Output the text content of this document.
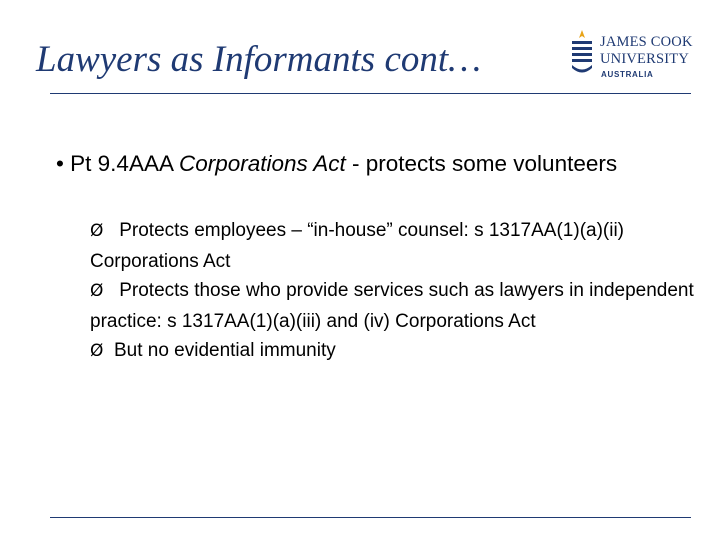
Lawyers as Informants cont…	JAMES COOK
UNIVERSITY
AUSTRALIA
• Pt 9.4AAA Corporations Act - protects some volunteers
Ø Protects employees – “in-house” counsel: s 1317AA(1)(a)(ii) Corporations Act
Ø Protects those who provide services such as lawyers in independent practice: s 1317AA(1)(a)(iii) and (iv) Corporations Act
Ø But no evidential immunity
